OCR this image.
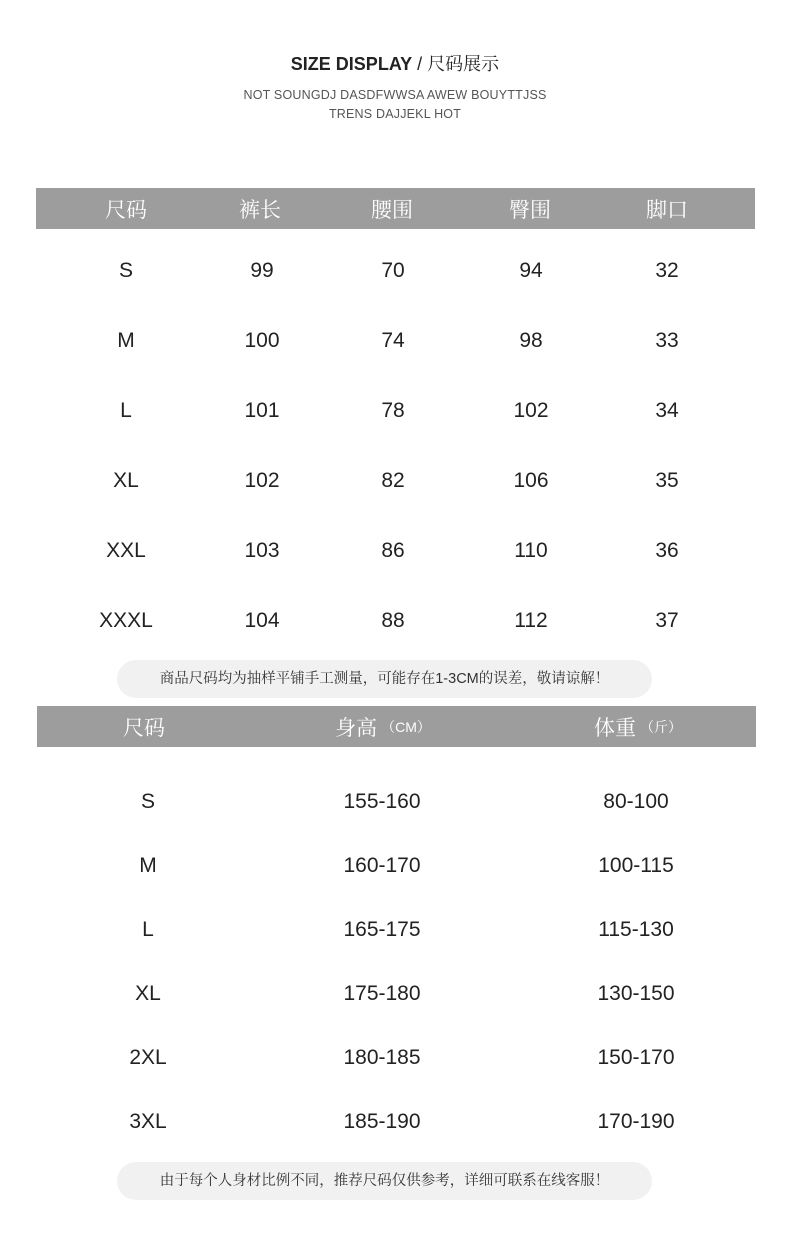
SIZE DISPLAY / 尺码展示
NOT SOUNGDJ DASDFWWSA AWEW BOUYTTJSS
TRENS DAJJEKL HOT
尺码	裤长	腰围	臀围	脚口
S	99	70	94	32
M	100	74	98	33
L	101	78	102	34
XL	102	82	106	35
XXL	103	86	110	36
XXXL	104	88	112	37
商品尺码均为抽样平铺手工测量，可能存在1-3CM的误差，敬请谅解！
尺码	身高 （CM）	体重 （斤）
S	155-160	80-100
M	160-170	100-115
L	165-175	115-130
XL	175-180	130-150
2XL	180-185	150-170
3XL	185-190	170-190
由于每个人身材比例不同，推荐尺码仅供参考，详细可联系在线客服！
